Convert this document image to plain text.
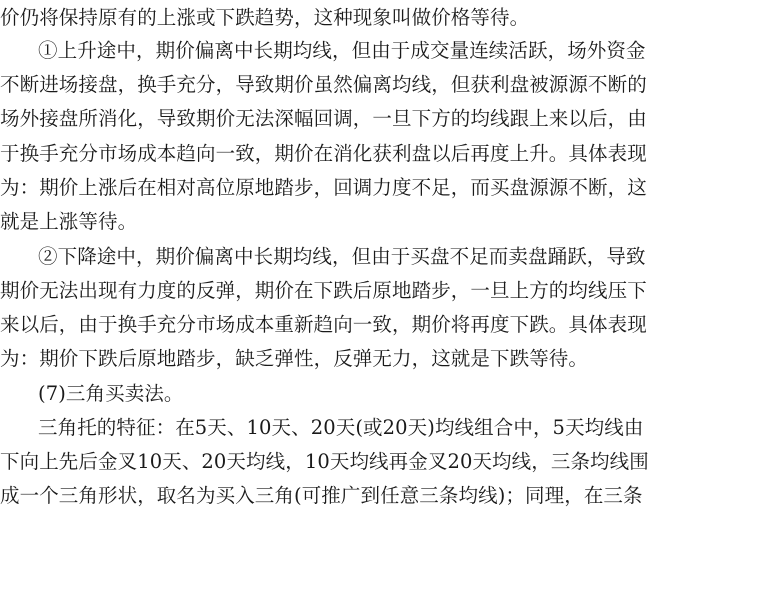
价仍将保持原有的上涨或下跌趋势，这种现象叫做价格等待。
①上升途中，期价偏离中长期均线，但由于成交量连续活跃，场外资金
不断进场接盘，换手充分，导致期价虽然偏离均线，但获利盘被源源不断的
场外接盘所消化，导致期价无法深幅回调，一旦下方的均线跟上来以后，由
于换手充分市场成本趋向一致，期价在消化获利盘以后再度上升。具体表现
为：期价上涨后在相对高位原地踏步，回调力度不足，而买盘源源不断，这
就是上涨等待。
②下降途中，期价偏离中长期均线，但由于买盘不足而卖盘踊跃，导致
期价无法出现有力度的反弹，期价在下跌后原地踏步，一旦上方的均线压下
来以后，由于换手充分市场成本重新趋向一致，期价将再度下跌。具体表现
为：期价下跌后原地踏步，缺乏弹性，反弹无力，这就是下跌等待。
(7)三角买卖法。
三角托的特征：在5天、10天、20天(或20天)均线组合中，5天均线由
下向上先后金叉10天、20天均线，10天均线再金叉20天均线，三条均线围
成一个三角形状，取名为买入三角(可推广到任意三条均线)；同理，在三条
